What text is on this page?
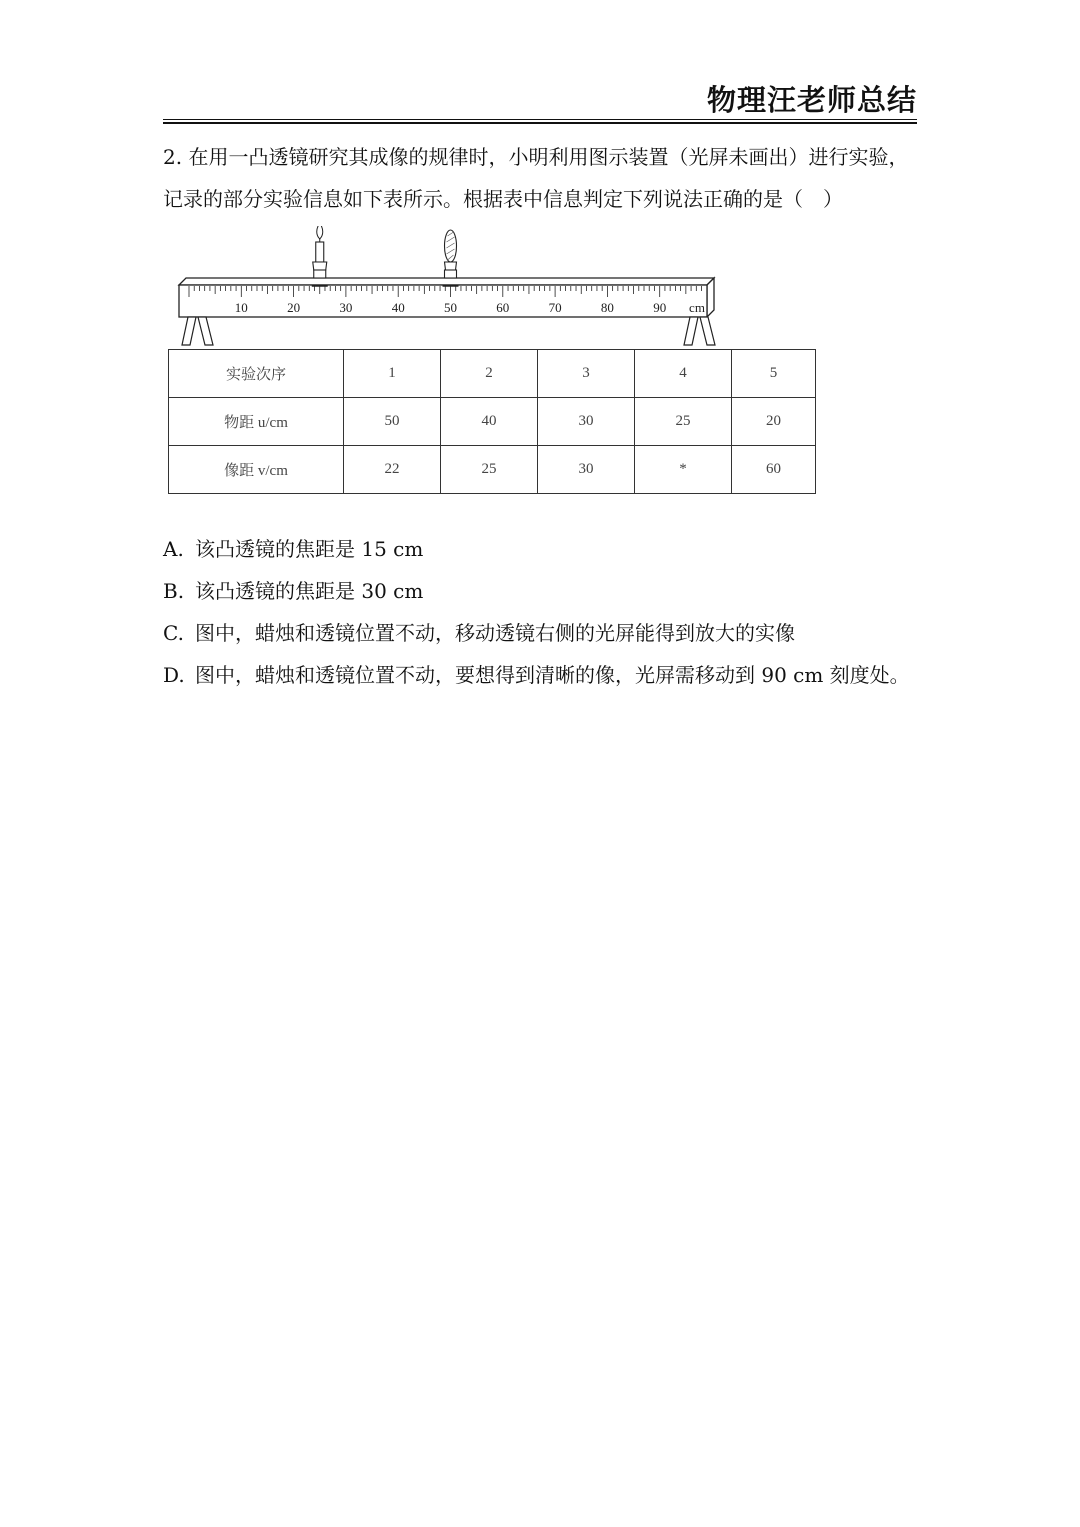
物理汪老师总结
2. 在用一凸透镜研究其成像的规律时，小明利用图示装置（光屏未画出）进行实验，记录的部分实验信息如下表所示。根据表中信息判定下列说法正确的是（　）
10	20	30	40	50	60	70	80	90 cm
实验次序	1	2	3	4	5
物距 u/cm	50	40	30	25	20
像距 v/cm	22	25	30	*	60
A. 该凸透镜的焦距是 15 cm
B. 该凸透镜的焦距是 30 cm
C. 图中，蜡烛和透镜位置不动，移动透镜右侧的光屏能得到放大的实像
D. 图中，蜡烛和透镜位置不动，要想得到清晰的像，光屏需移动到 90 cm 刻度处。
